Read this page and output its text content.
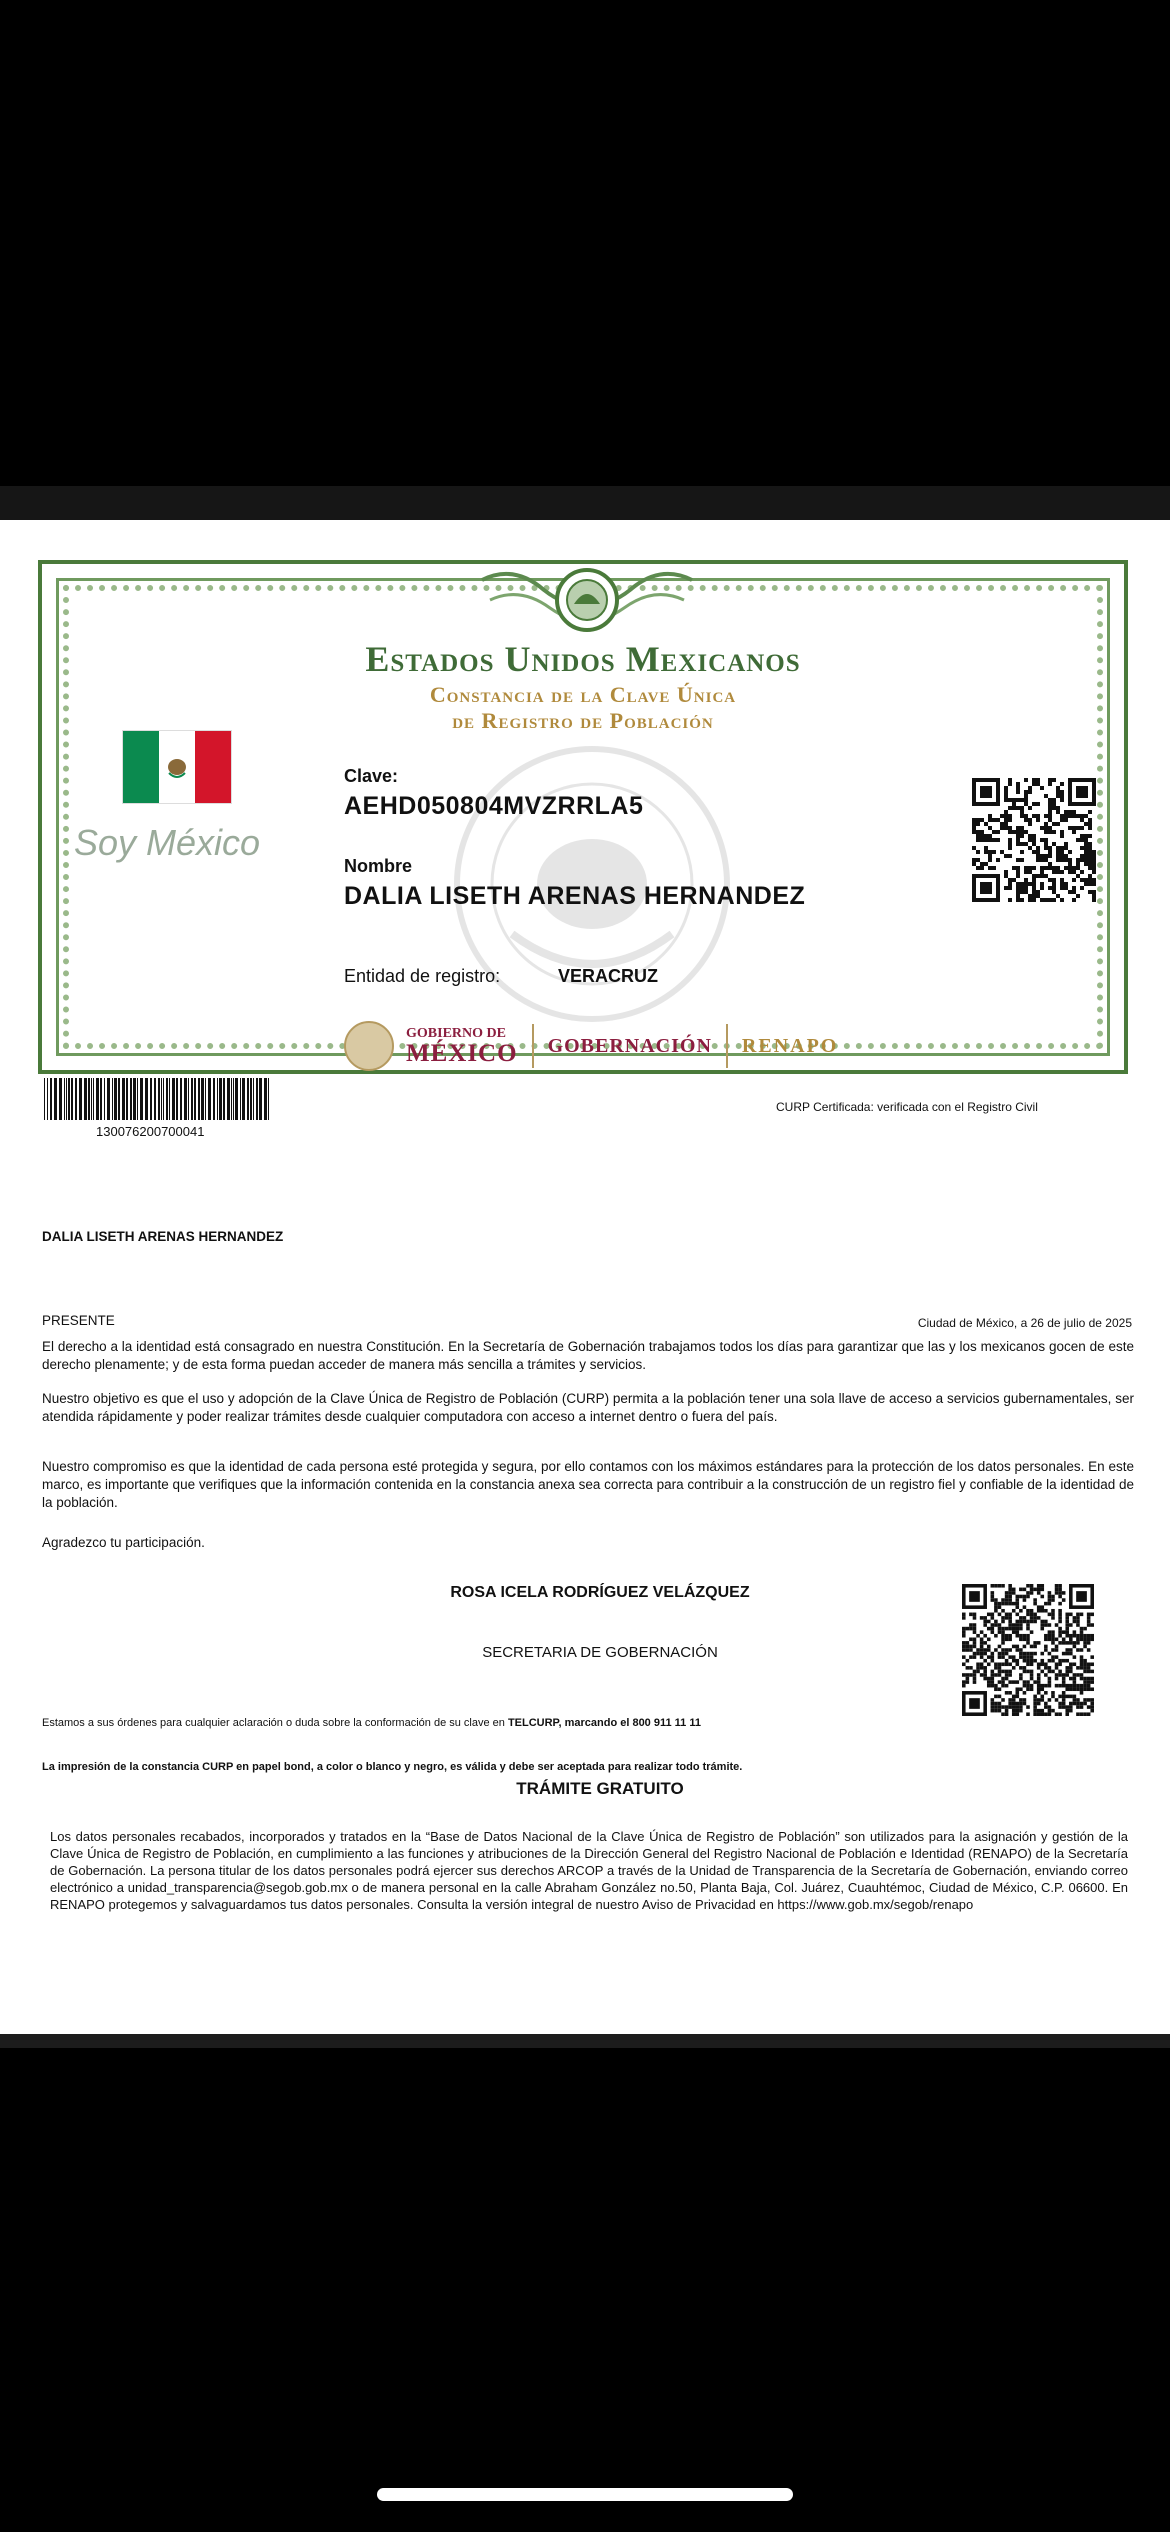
Estados Unidos Mexicanos
Constancia de la Clave Única
de Registro de Población
Soy México
Clave:
AEHD050804MVZRRLA5
Nombre
DALIA LISETH ARENAS HERNANDEZ
Entidad de registro:	VERACRUZ
GOBIERNO DE
MÉXICO GOBERNACIÓN RENAPO
130076200700041
CURP Certificada: verificada con el Registro Civil
DALIA LISETH ARENAS HERNANDEZ
PRESENTE	Ciudad de México, a 26 de julio de 2025
El derecho a la identidad está consagrado en nuestra Constitución. En la Secretaría de Gobernación trabajamos todos los días para garantizar que las y los mexicanos gocen de este derecho plenamente; y de esta forma puedan acceder de manera más sencilla a trámites y servicios.
Nuestro objetivo es que el uso y adopción de la Clave Única de Registro de Población (CURP) permita a la población tener una sola llave de acceso a servicios gubernamentales, ser atendida rápidamente y poder realizar trámites desde cualquier computadora con acceso a internet dentro o fuera del país.
Nuestro compromiso es que la identidad de cada persona esté protegida y segura, por ello contamos con los máximos estándares para la protección de los datos personales. En este marco, es importante que verifiques que la información contenida en la constancia anexa sea correcta para contribuir a la construcción de un registro fiel y confiable de la identidad de la población.
Agradezco tu participación.
ROSA ICELA RODRÍGUEZ VELÁZQUEZ
SECRETARIA DE GOBERNACIÓN
Estamos a sus órdenes para cualquier aclaración o duda sobre la conformación de su clave en TELCURP, marcando el 800 911 11 11
La impresión de la constancia CURP en papel bond, a color o blanco y negro, es válida y debe ser aceptada para realizar todo trámite.
TRÁMITE GRATUITO
Los datos personales recabados, incorporados y tratados en la “Base de Datos Nacional de la Clave Única de Registro de Población” son utilizados para la asignación y gestión de la Clave Única de Registro de Población, en cumplimiento a las funciones y atribuciones de la Dirección General del Registro Nacional de Población e Identidad (RENAPO) de la Secretaría de Gobernación. La persona titular de los datos personales podrá ejercer sus derechos ARCOP a través de la Unidad de Transparencia de la Secretaría de Gobernación, enviando correo electrónico a unidad_transparencia@segob.gob.mx o de manera personal en la calle Abraham González no.50, Planta Baja, Col. Juárez, Cuauhtémoc, Ciudad de México, C.P. 06600. En RENAPO protegemos y salvaguardamos tus datos personales. Consulta la versión integral de nuestro Aviso de Privacidad en https://www.gob.mx/segob/renapo
